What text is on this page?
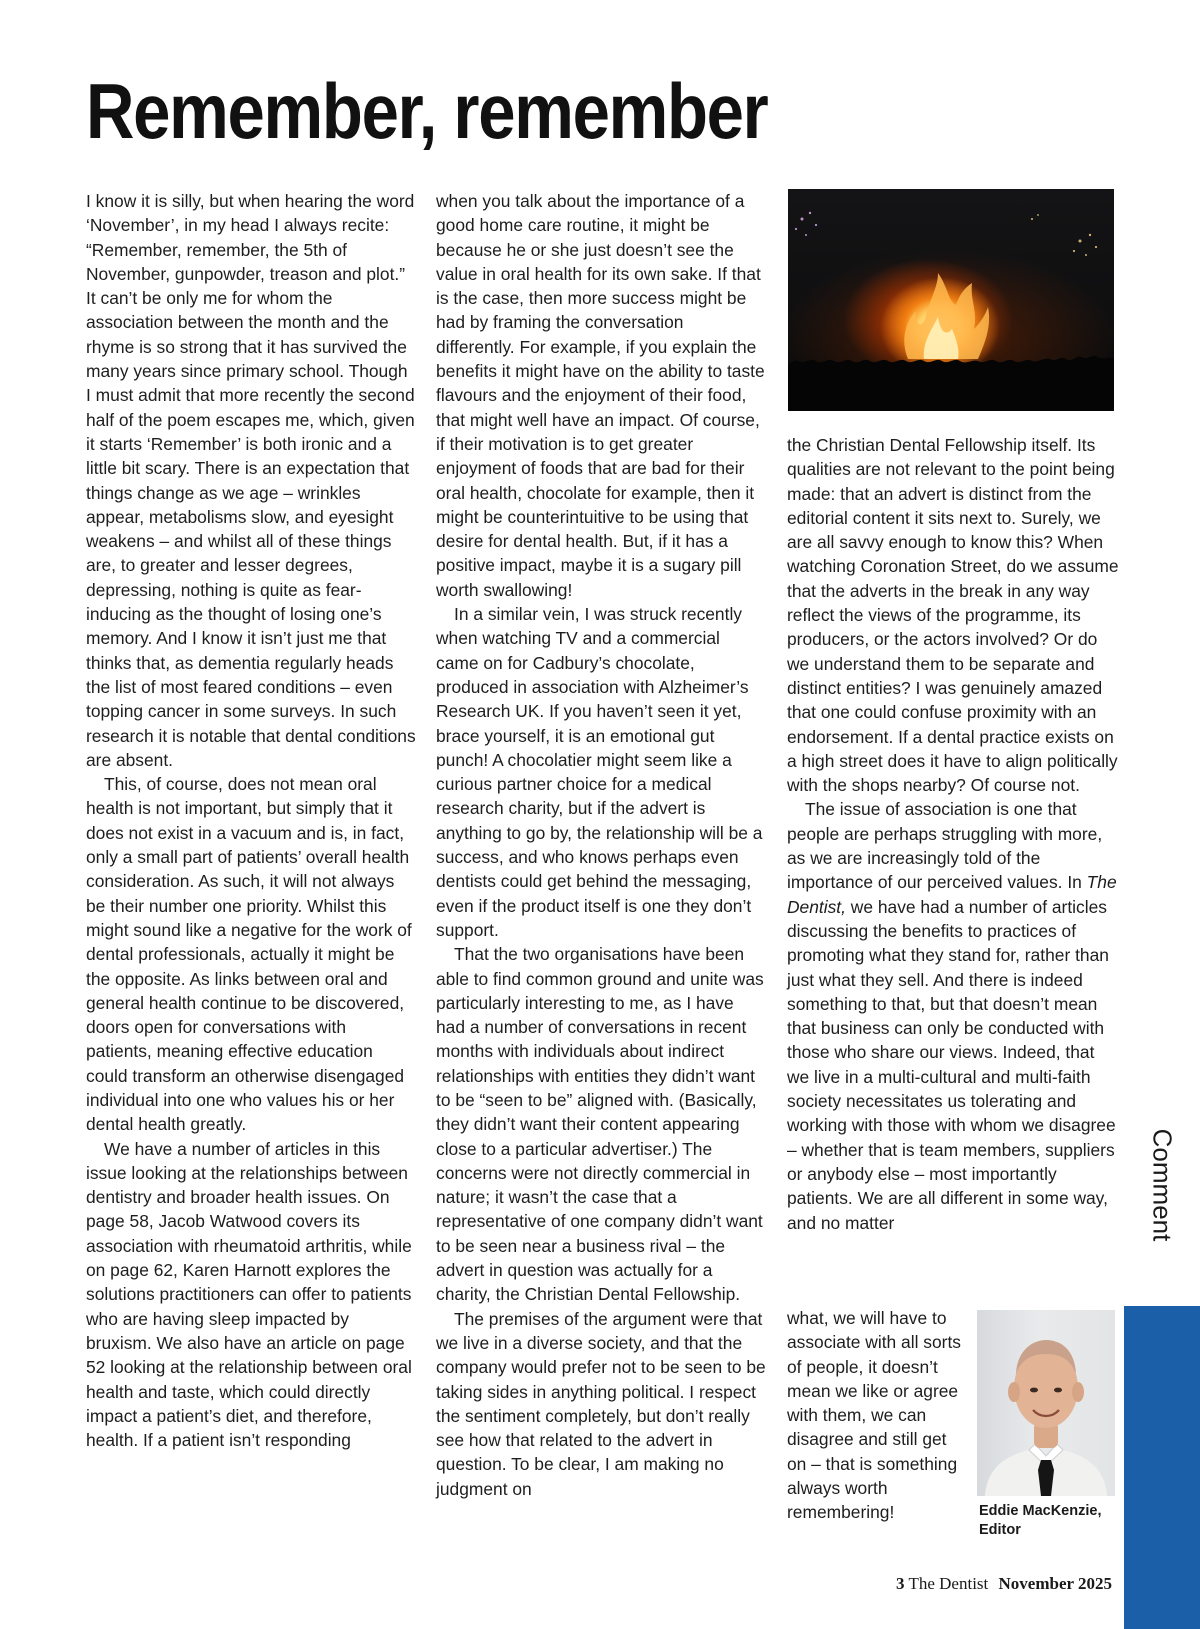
Remember, remember

I know it is silly, but when hearing the word ‘November’, in my head I always recite: “Remember, remember, the 5th of November, gunpowder, treason and plot.” It can’t be only me for whom the association between the month and the rhyme is so strong that it has survived the many years since primary school. Though I must admit that more recently the second half of the poem escapes me, which, given it starts ‘Remember’ is both ironic and a little bit scary. There is an expectation that things change as we age – wrinkles appear, metabolisms slow, and eyesight weakens – and whilst all of these things are, to greater and lesser degrees, depressing, nothing is quite as fear-inducing as the thought of losing one’s memory. And I know it isn’t just me that thinks that, as dementia regularly heads the list of most feared conditions – even topping cancer in some surveys. In such research it is notable that dental conditions are absent.

This, of course, does not mean oral health is not important, but simply that it does not exist in a vacuum and is, in fact, only a small part of patients’ overall health consideration. As such, it will not always be their number one priority. Whilst this might sound like a negative for the work of dental professionals, actually it might be the opposite. As links between oral and general health continue to be discovered, doors open for conversations with patients, meaning effective education could transform an otherwise disengaged individual into one who values his or her dental health greatly.

We have a number of articles in this issue looking at the relationships between dentistry and broader health issues. On page 58, Jacob Watwood covers its association with rheumatoid arthritis, while on page 62, Karen Harnott explores the solutions practitioners can offer to patients who are having sleep impacted by bruxism. We also have an article on page 52 looking at the relationship between oral health and taste, which could directly impact a patient’s diet, and therefore, health. If a patient isn’t responding

when you talk about the importance of a good home care routine, it might be because he or she just doesn’t see the value in oral health for its own sake. If that is the case, then more success might be had by framing the conversation differently. For example, if you explain the benefits it might have on the ability to taste flavours and the enjoyment of their food, that might well have an impact. Of course, if their motivation is to get greater enjoyment of foods that are bad for their oral health, chocolate for example, then it might be counterintuitive to be using that desire for dental health. But, if it has a positive impact, maybe it is a sugary pill worth swallowing!

In a similar vein, I was struck recently when watching TV and a commercial came on for Cadbury’s chocolate, produced in association with Alzheimer’s Research UK. If you haven’t seen it yet, brace yourself, it is an emotional gut punch! A chocolatier might seem like a curious partner choice for a medical research charity, but if the advert is anything to go by, the relationship will be a success, and who knows perhaps even dentists could get behind the messaging, even if the product itself is one they don’t support.

That the two organisations have been able to find common ground and unite was particularly interesting to me, as I have had a number of conversations in recent months with individuals about indirect relationships with entities they didn’t want to be “seen to be” aligned with. (Basically, they didn’t want their content appearing close to a particular advertiser.) The concerns were not directly commercial in nature; it wasn’t the case that a representative of one company didn’t want to be seen near a business rival – the advert in question was actually for a charity, the Christian Dental Fellowship.

The premises of the argument were that we live in a diverse society, and that the company would prefer not to be seen to be taking sides in anything political. I respect the sentiment completely, but don’t really see how that related to the advert in question. To be clear, I am making no judgment on

the Christian Dental Fellowship itself. Its qualities are not relevant to the point being made: that an advert is distinct from the editorial content it sits next to. Surely, we are all savvy enough to know this? When watching Coronation Street, do we assume that the adverts in the break in any way reflect the views of the programme, its producers, or the actors involved? Or do we understand them to be separate and distinct entities? I was genuinely amazed that one could confuse proximity with an endorsement. If a dental practice exists on a high street does it have to align politically with the shops nearby? Of course not.

The issue of association is one that people are perhaps struggling with more, as we are increasingly told of the importance of our perceived values. In The Dentist, we have had a number of articles discussing the benefits to practices of promoting what they stand for, rather than just what they sell. And there is indeed something to that, but that doesn’t mean that business can only be conducted with those who share our views. Indeed, that we live in a multi-cultural and multi-faith society necessitates us tolerating and working with those with whom we disagree – whether that is team members, suppliers or anybody else – most importantly patients. We are all different in some way, and no matter

what, we will have to associate with all sorts of people, it doesn’t mean we like or agree with them, we can disagree and still get on – that is something always worth remembering!	Eddie MacKenzie,
Editor
Comment
3 The Dentist November 2025
